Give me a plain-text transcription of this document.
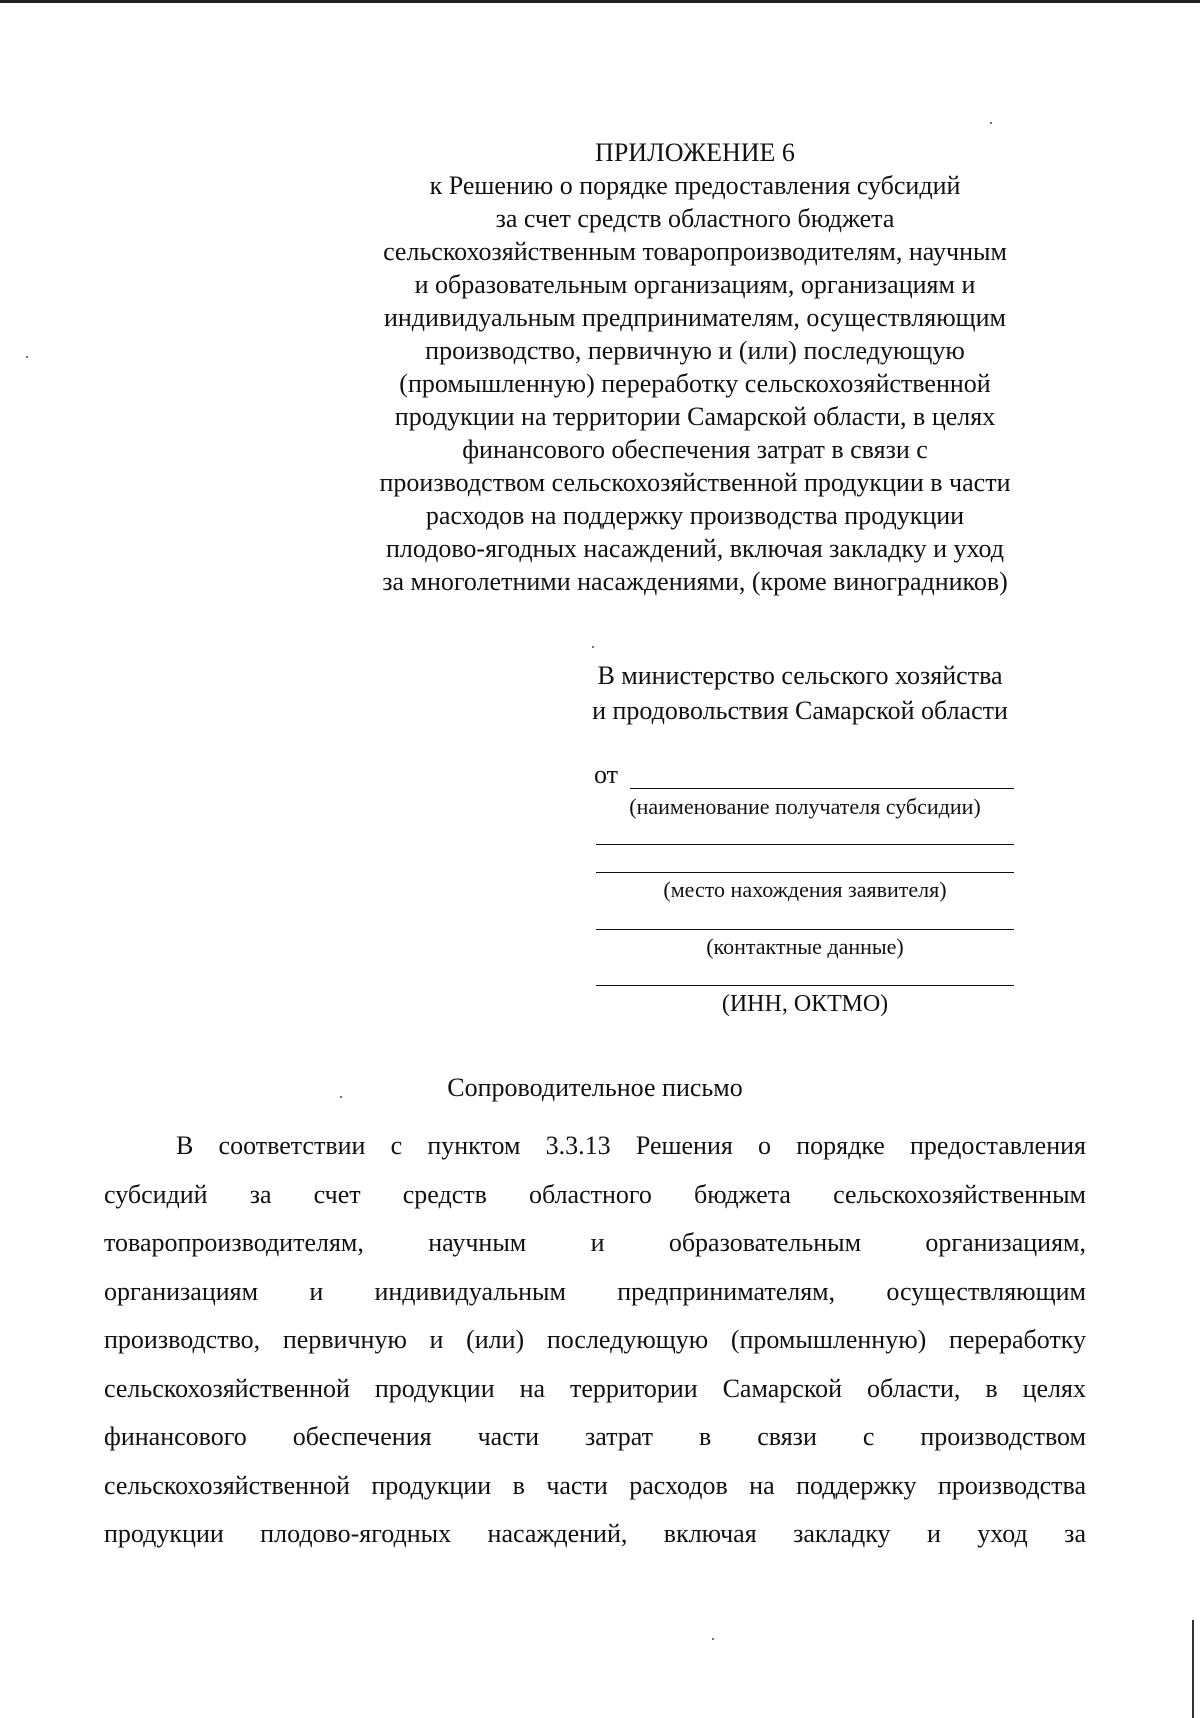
ПРИЛОЖЕНИЕ 6
к Решению о порядке предоставления субсидий
за счет средств областного бюджета
сельскохозяйственным товаропроизводителям, научным
и образовательным организациям, организациям и
индивидуальным предпринимателям, осуществляющим
производство, первичную и (или) последующую
(промышленную) переработку сельскохозяйственной
продукции на территории Самарской области, в целях
финансового обеспечения затрат в связи с
производством сельскохозяйственной продукции в части
расходов на поддержку производства продукции
плодово-ягодных насаждений, включая закладку и уход
за многолетними насаждениями, (кроме виноградников)
В министерство сельского хозяйства
и продовольствия Самарской области
от
(наименование получателя субсидии)
(место нахождения заявителя)
(контактные данные)
(ИНН, ОКТМО)
Сопроводительное письмо
В соответствии с пунктом 3.3.13 Решения о порядке предоставления
субсидий за счет средств областного бюджета сельскохозяйственным
товаропроизводителям, научным и образовательным организациям,
организациям и индивидуальным предпринимателям, осуществляющим
производство, первичную и (или) последующую (промышленную) переработку
сельскохозяйственной продукции на территории Самарской области, в целях
финансового обеспечения части затрат в связи с производством
сельскохозяйственной продукции в части расходов на поддержку производства
продукции плодово-ягодных насаждений, включая закладку и уход за
